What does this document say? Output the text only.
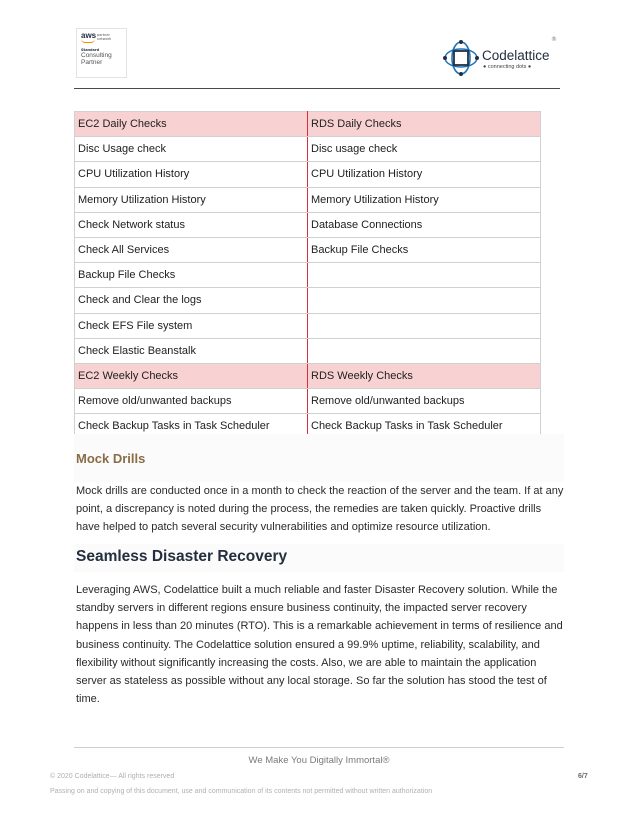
aws partner network
Standard
Consulting
Partner
®
Codelattice
● connecting dots ●
EC2 Daily Checks	RDS Daily Checks
Disc Usage check	Disc usage check
CPU Utilization History	CPU Utilization History
Memory Utilization History	Memory Utilization History
Check Network status	Database Connections
Check All Services	Backup File Checks
Backup File Checks	
Check and Clear the logs	
Check EFS File system	
Check Elastic Beanstalk	
EC2 Weekly Checks	RDS Weekly Checks
Remove old/unwanted backups	Remove old/unwanted backups
Check Backup Tasks in Task Scheduler	Check Backup Tasks in Task Scheduler
Mock Drills

Mock drills are conducted once in a month to check the reaction of the server and the team. If at any point, a discrepancy is noted during the process, the remedies are taken quickly. Proactive drills have helped to patch several security vulnerabilities and optimize resource utilization.

Seamless Disaster Recovery

Leveraging AWS, Codelattice built a much reliable and faster Disaster Recovery solution. While the standby servers in different regions ensure business continuity, the impacted server recovery happens in less than 20 minutes (RTO). This is a remarkable achievement in terms of resilience and business continuity. The Codelattice solution ensured a 99.9% uptime, reliability, scalability, and flexibility without significantly increasing the costs. Also, we are able to maintain the application server as stateless as possible without any local storage. So far the solution has stood the test of time.

We Make You Digitally Immortal®
© 2020 Codelattice— All rights reserved	6/7
Passing on and copying of this document, use and communication of its contents not permitted without written authorization
